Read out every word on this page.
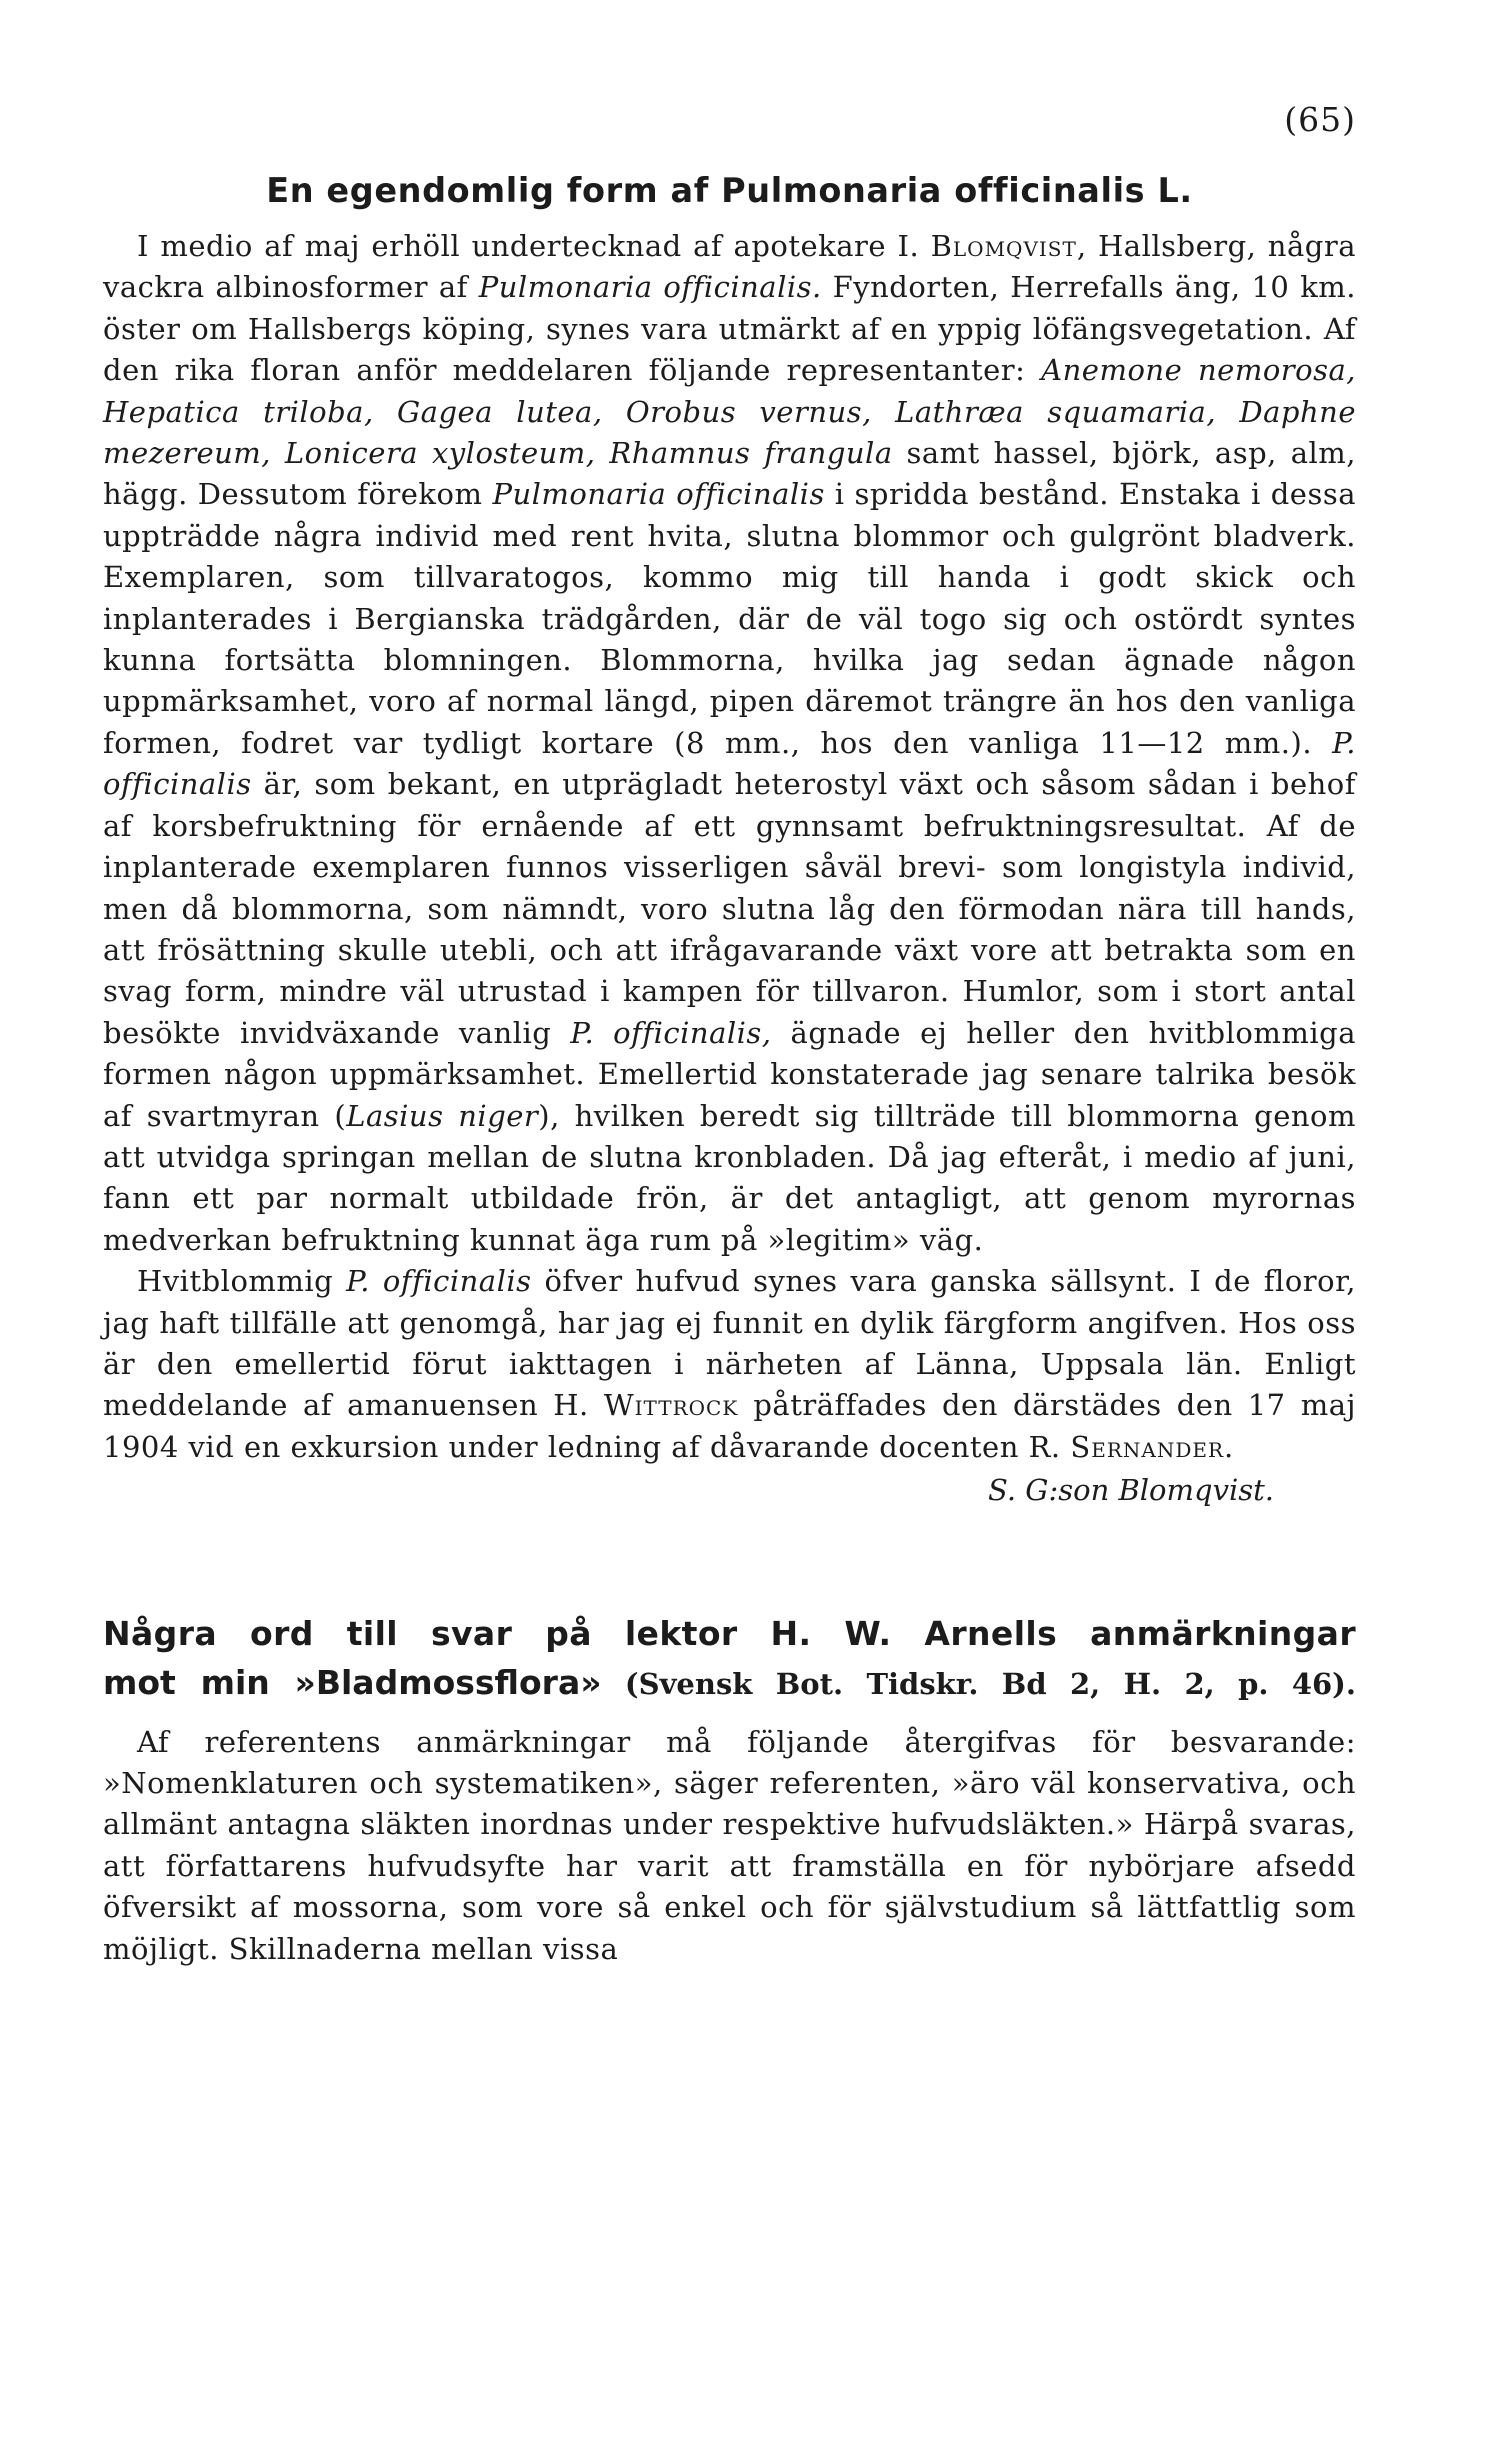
(65)
En egendomlig form af Pulmonaria officinalis L.

I medio af maj erhöll undertecknad af apotekare I. Blomqvist, Hallsberg, några vackra albinosformer af Pulmonaria officinalis. Fyndorten, Herrefalls äng, 10 km. öster om Hallsbergs köping, synes vara utmärkt af en yppig löfängsvegetation. Af den rika floran anför meddelaren följande representanter: Anemone nemorosa, Hepatica triloba, Gagea lutea, Orobus vernus, Lathræa squamaria, Daphne mezereum, Lonicera xylosteum, Rhamnus frangula samt hassel, björk, asp, alm, hägg. Dessutom förekom Pulmonaria officinalis i spridda bestånd. Enstaka i dessa uppträdde några individ med rent hvita, slutna blommor och gulgrönt bladverk. Exemplaren, som tillvaratogos, kommo mig till handa i godt skick och inplanterades i Bergianska trädgården, där de väl togo sig och ostördt syntes kunna fortsätta blomningen. Blommorna, hvilka jag sedan ägnade någon uppmärksamhet, voro af normal längd, pipen däremot trängre än hos den vanliga formen, fodret var tydligt kortare (8 mm., hos den vanliga 11—12 mm.). P. officinalis är, som bekant, en utprägladt heterostyl växt och såsom sådan i behof af korsbefruktning för ernående af ett gynnsamt befruktningsresultat. Af de inplanterade exemplaren funnos visserligen såväl brevi- som longistyla individ, men då blommorna, som nämndt, voro slutna låg den förmodan nära till hands, att frösättning skulle utebli, och att ifrågavarande växt vore att betrakta som en svag form, mindre väl utrustad i kampen för tillvaron. Humlor, som i stort antal besökte invidväxande vanlig P. officinalis, ägnade ej heller den hvitblommiga formen någon uppmärksamhet. Emellertid konstaterade jag senare talrika besök af svartmyran (Lasius niger), hvilken beredt sig tillträde till blommorna genom att utvidga springan mellan de slutna kronbladen. Då jag efteråt, i medio af juni, fann ett par normalt utbildade frön, är det antagligt, att genom myrornas medverkan befruktning kunnat äga rum på »legitim» väg.

Hvitblommig P. officinalis öfver hufvud synes vara ganska sällsynt. I de floror, jag haft tillfälle att genomgå, har jag ej funnit en dylik färgform angifven. Hos oss är den emellertid förut iakttagen i närheten af Länna, Uppsala län. Enligt meddelande af amanuensen H. Wittrock påträffades den därstädes den 17 maj 1904 vid en exkursion under ledning af dåvarande docenten R. Sernander.

S. G:son Blomqvist.
Några ord till svar på lektor H. W. Arnells anmärkningar
mot min »Bladmossflora» (Svensk Bot. Tidskr. Bd 2, H. 2, p. 46).

Af referentens anmärkningar må följande återgifvas för besvarande: »Nomenklaturen och systematiken», säger referenten, »äro väl konservativa, och allmänt antagna släkten inordnas under respektive hufvudsläkten.» Härpå svaras, att författarens hufvudsyfte har varit att framställa en för nybörjare afsedd öfversikt af mossorna, som vore så enkel och för självstudium så lättfattlig som möjligt. Skillnaderna mellan vissa
